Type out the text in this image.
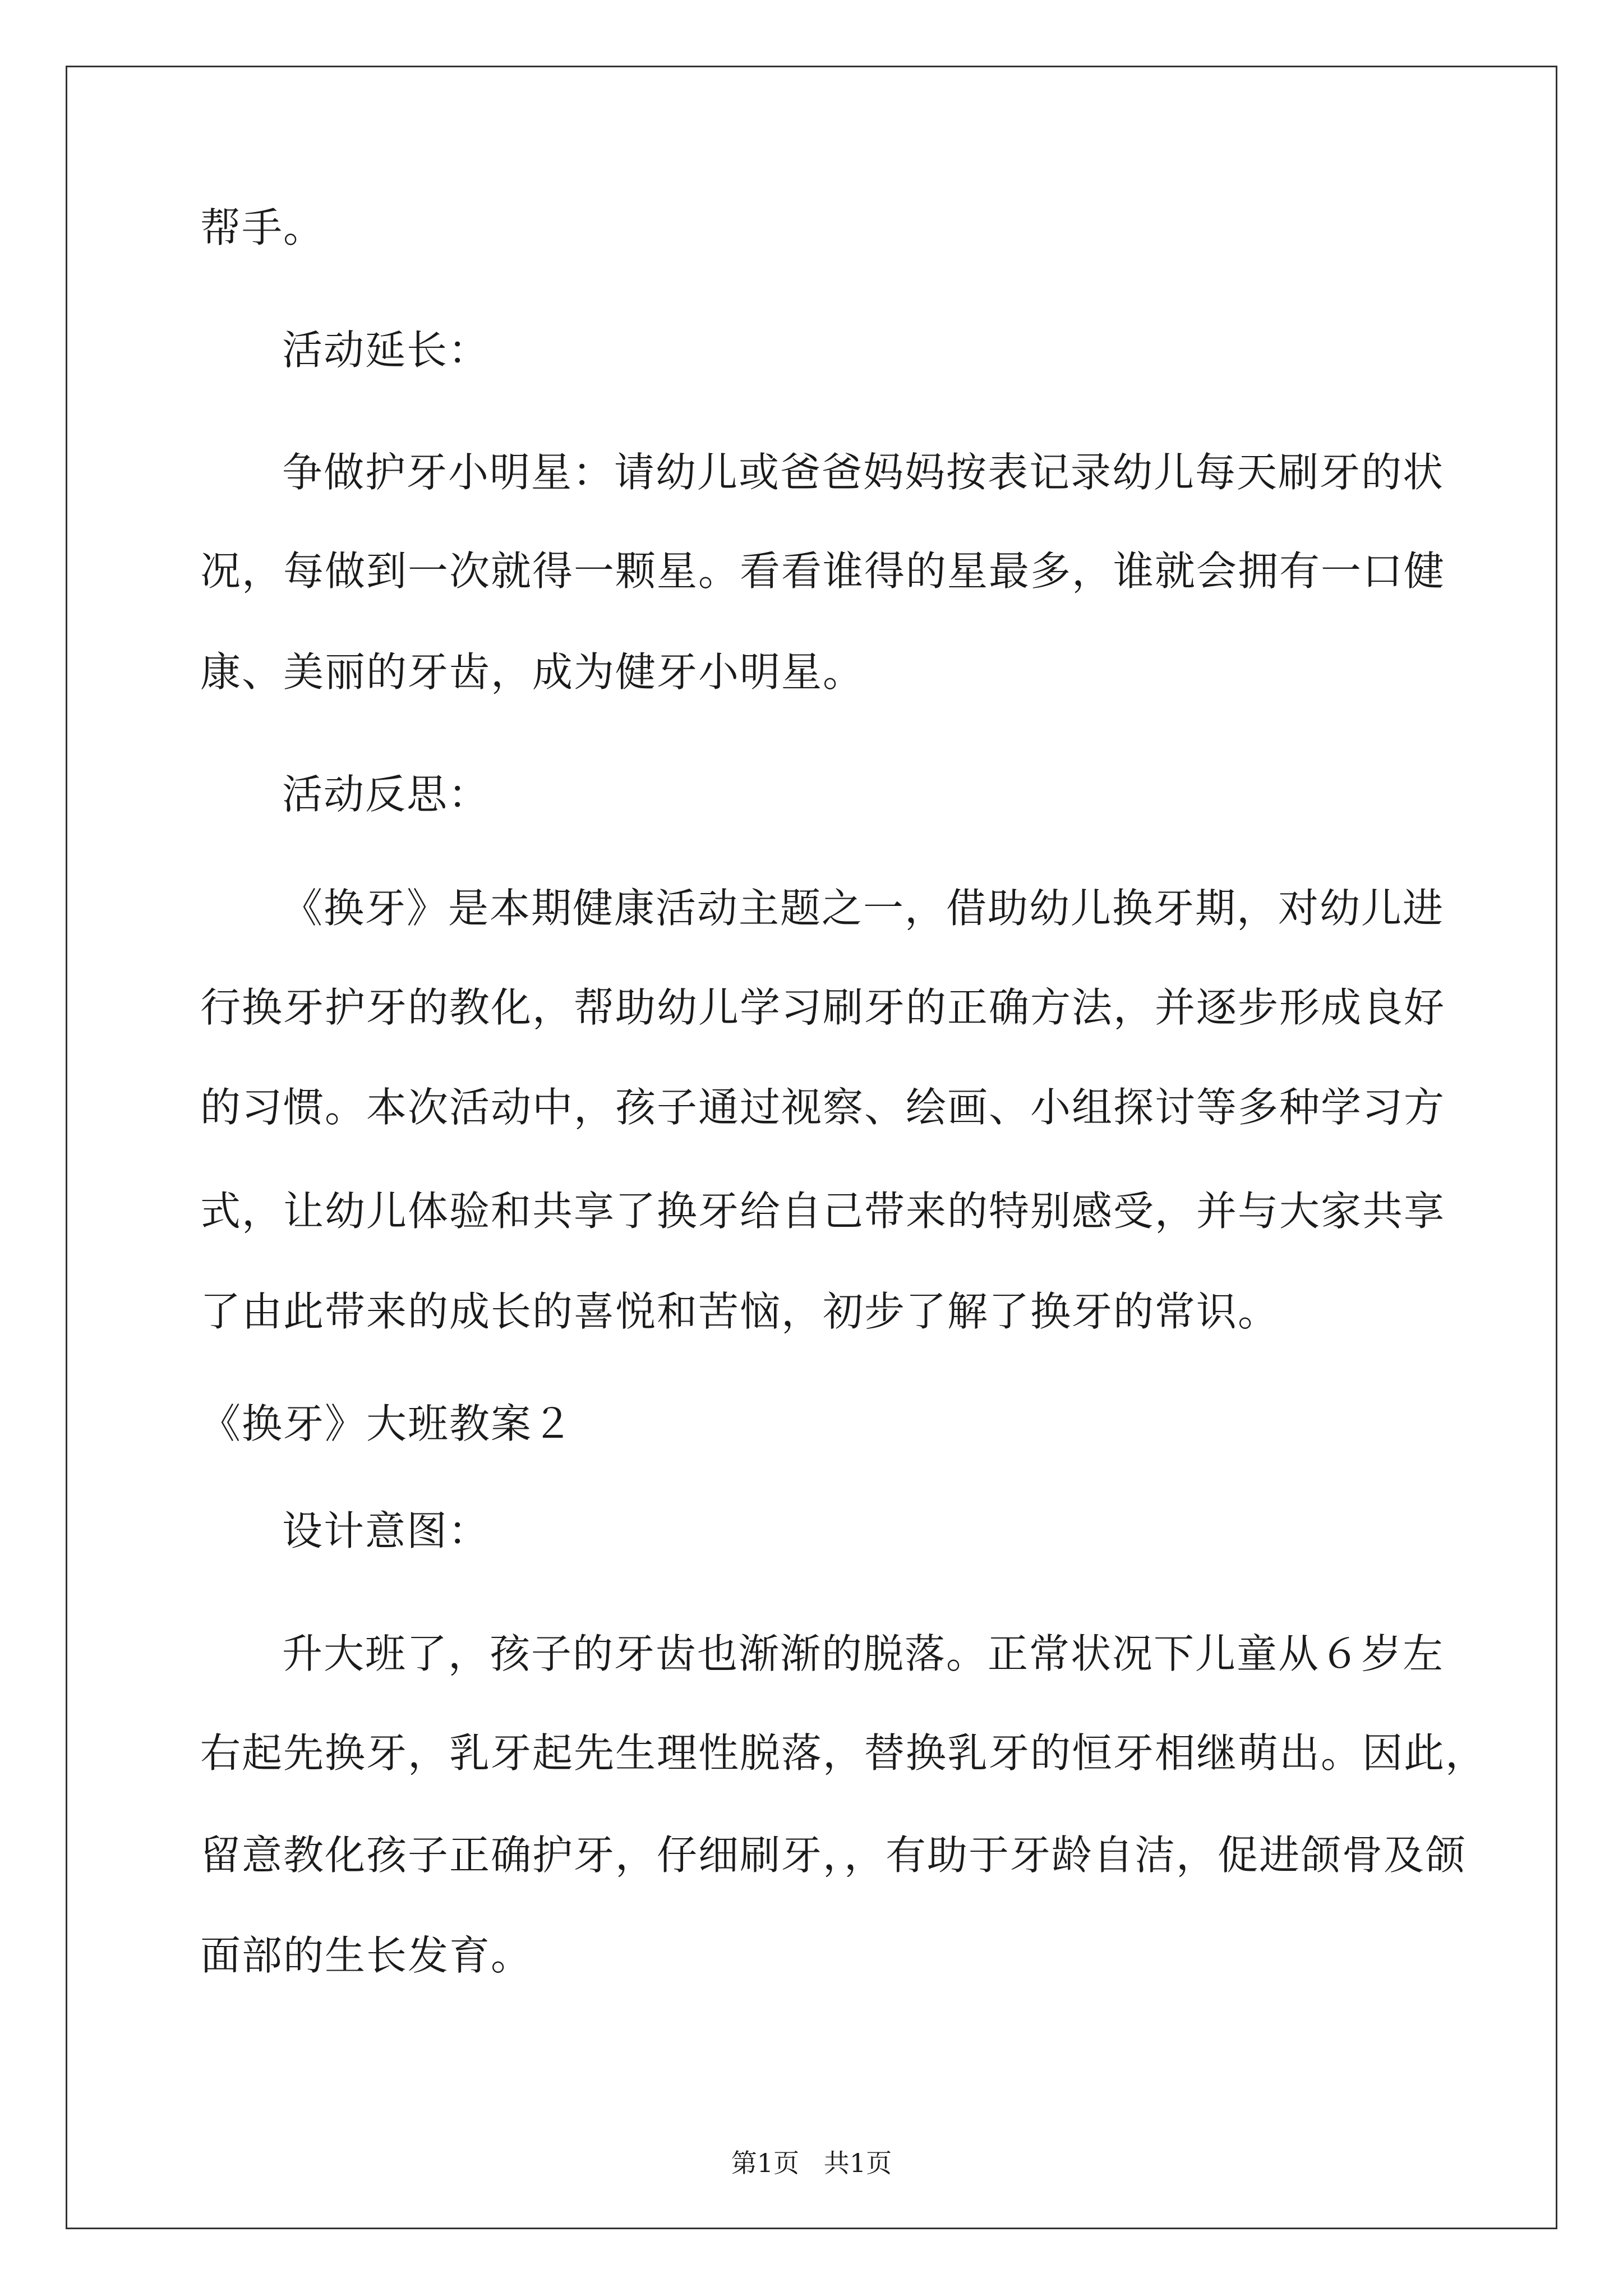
帮手。
活动延长：
争做护牙小明星：请幼儿或爸爸妈妈按表记录幼儿每天刷牙的状
况，每做到一次就得一颗星。看看谁得的星最多，谁就会拥有一口健
康、美丽的牙齿，成为健牙小明星。
活动反思：
《换牙》是本期健康活动主题之一，借助幼儿换牙期，对幼儿进
行换牙护牙的教化，帮助幼儿学习刷牙的正确方法，并逐步形成良好
的习惯。本次活动中，孩子通过视察、绘画、小组探讨等多种学习方
式，让幼儿体验和共享了换牙给自己带来的特别感受，并与大家共享
了由此带来的成长的喜悦和苦恼，初步了解了换牙的常识。
《换牙》大班教案２
设计意图：
升大班了，孩子的牙齿也渐渐的脱落。正常状况下儿童从６岁左
右起先换牙，乳牙起先生理性脱落，替换乳牙的恒牙相继萌出。因此，
留意教化孩子正确护牙，仔细刷牙，，有助于牙龄自洁，促进颌骨及颌
面部的生长发育。
第1页   共1页
